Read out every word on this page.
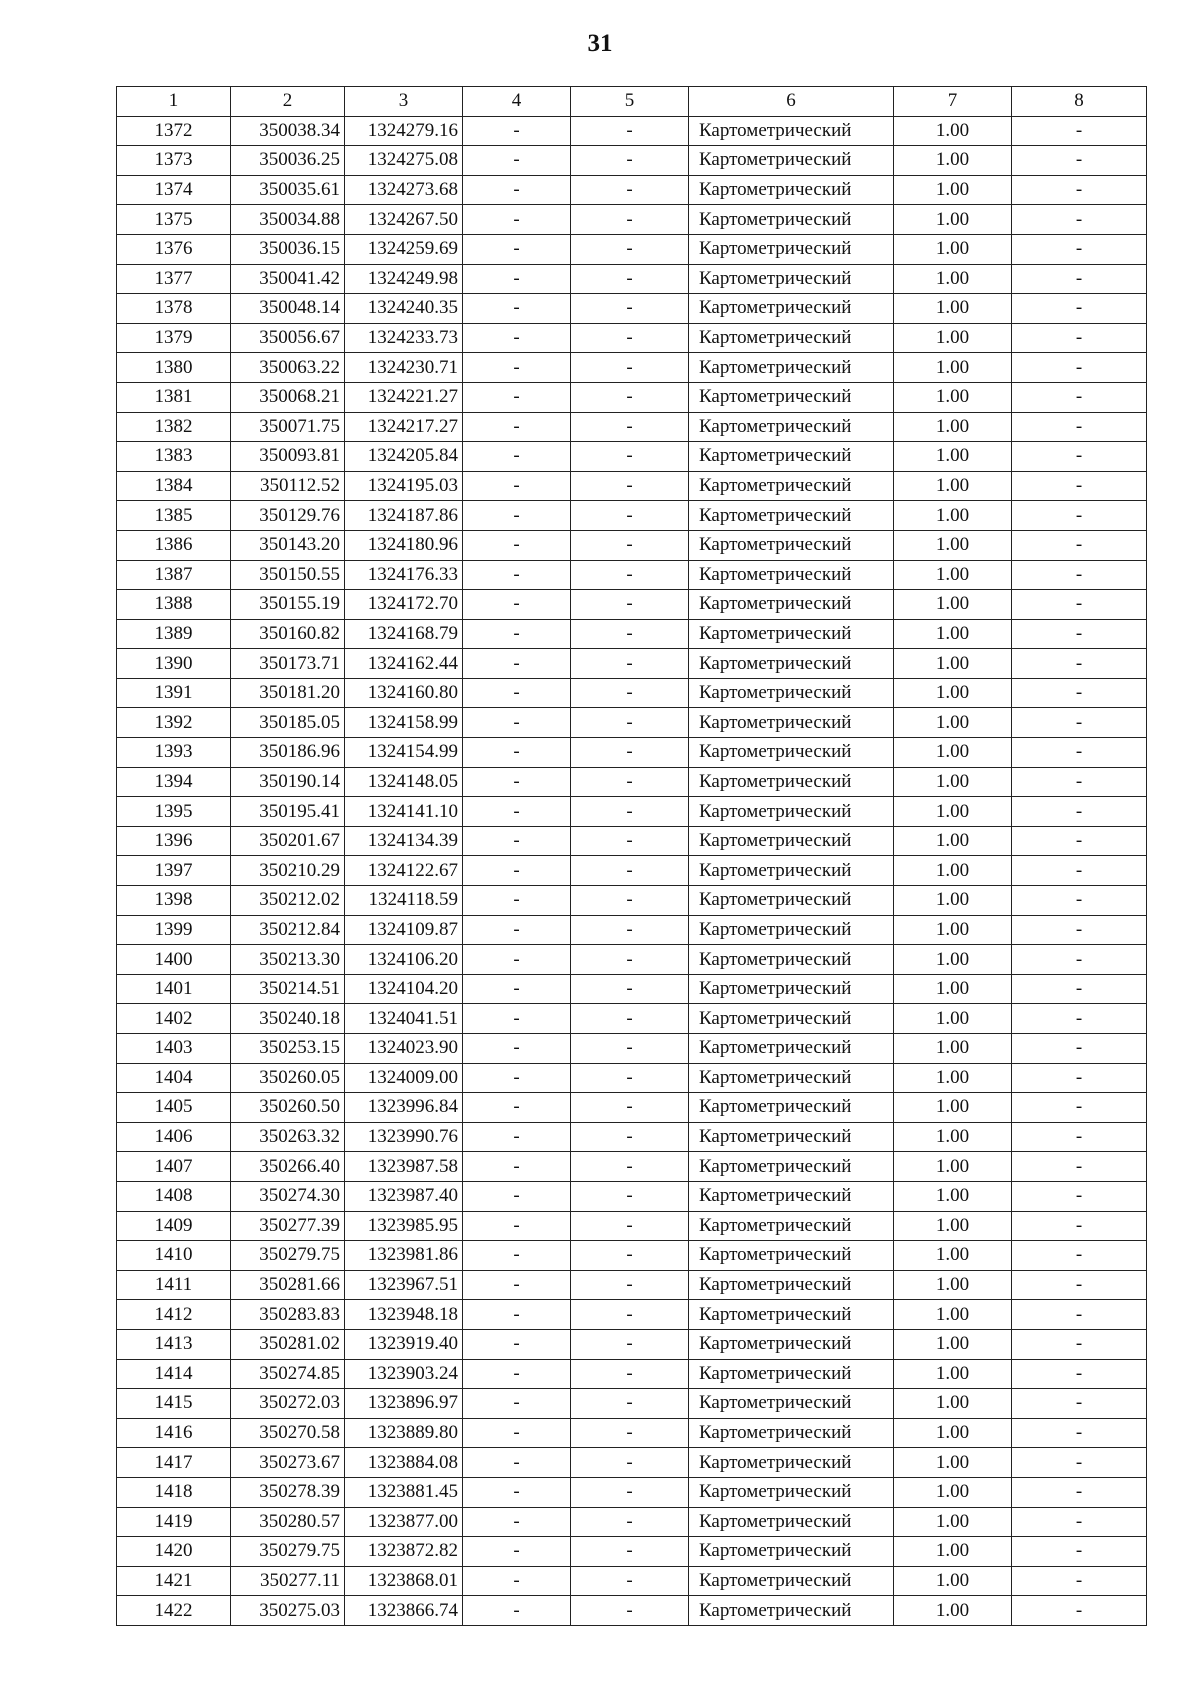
31
1	2	3	4	5	6	7	8
1372	350038.34	1324279.16	-	-	Картометрический	1.00	-
1373	350036.25	1324275.08	-	-	Картометрический	1.00	-
1374	350035.61	1324273.68	-	-	Картометрический	1.00	-
1375	350034.88	1324267.50	-	-	Картометрический	1.00	-
1376	350036.15	1324259.69	-	-	Картометрический	1.00	-
1377	350041.42	1324249.98	-	-	Картометрический	1.00	-
1378	350048.14	1324240.35	-	-	Картометрический	1.00	-
1379	350056.67	1324233.73	-	-	Картометрический	1.00	-
1380	350063.22	1324230.71	-	-	Картометрический	1.00	-
1381	350068.21	1324221.27	-	-	Картометрический	1.00	-
1382	350071.75	1324217.27	-	-	Картометрический	1.00	-
1383	350093.81	1324205.84	-	-	Картометрический	1.00	-
1384	350112.52	1324195.03	-	-	Картометрический	1.00	-
1385	350129.76	1324187.86	-	-	Картометрический	1.00	-
1386	350143.20	1324180.96	-	-	Картометрический	1.00	-
1387	350150.55	1324176.33	-	-	Картометрический	1.00	-
1388	350155.19	1324172.70	-	-	Картометрический	1.00	-
1389	350160.82	1324168.79	-	-	Картометрический	1.00	-
1390	350173.71	1324162.44	-	-	Картометрический	1.00	-
1391	350181.20	1324160.80	-	-	Картометрический	1.00	-
1392	350185.05	1324158.99	-	-	Картометрический	1.00	-
1393	350186.96	1324154.99	-	-	Картометрический	1.00	-
1394	350190.14	1324148.05	-	-	Картометрический	1.00	-
1395	350195.41	1324141.10	-	-	Картометрический	1.00	-
1396	350201.67	1324134.39	-	-	Картометрический	1.00	-
1397	350210.29	1324122.67	-	-	Картометрический	1.00	-
1398	350212.02	1324118.59	-	-	Картометрический	1.00	-
1399	350212.84	1324109.87	-	-	Картометрический	1.00	-
1400	350213.30	1324106.20	-	-	Картометрический	1.00	-
1401	350214.51	1324104.20	-	-	Картометрический	1.00	-
1402	350240.18	1324041.51	-	-	Картометрический	1.00	-
1403	350253.15	1324023.90	-	-	Картометрический	1.00	-
1404	350260.05	1324009.00	-	-	Картометрический	1.00	-
1405	350260.50	1323996.84	-	-	Картометрический	1.00	-
1406	350263.32	1323990.76	-	-	Картометрический	1.00	-
1407	350266.40	1323987.58	-	-	Картометрический	1.00	-
1408	350274.30	1323987.40	-	-	Картометрический	1.00	-
1409	350277.39	1323985.95	-	-	Картометрический	1.00	-
1410	350279.75	1323981.86	-	-	Картометрический	1.00	-
1411	350281.66	1323967.51	-	-	Картометрический	1.00	-
1412	350283.83	1323948.18	-	-	Картометрический	1.00	-
1413	350281.02	1323919.40	-	-	Картометрический	1.00	-
1414	350274.85	1323903.24	-	-	Картометрический	1.00	-
1415	350272.03	1323896.97	-	-	Картометрический	1.00	-
1416	350270.58	1323889.80	-	-	Картометрический	1.00	-
1417	350273.67	1323884.08	-	-	Картометрический	1.00	-
1418	350278.39	1323881.45	-	-	Картометрический	1.00	-
1419	350280.57	1323877.00	-	-	Картометрический	1.00	-
1420	350279.75	1323872.82	-	-	Картометрический	1.00	-
1421	350277.11	1323868.01	-	-	Картометрический	1.00	-
1422	350275.03	1323866.74	-	-	Картометрический	1.00	-
